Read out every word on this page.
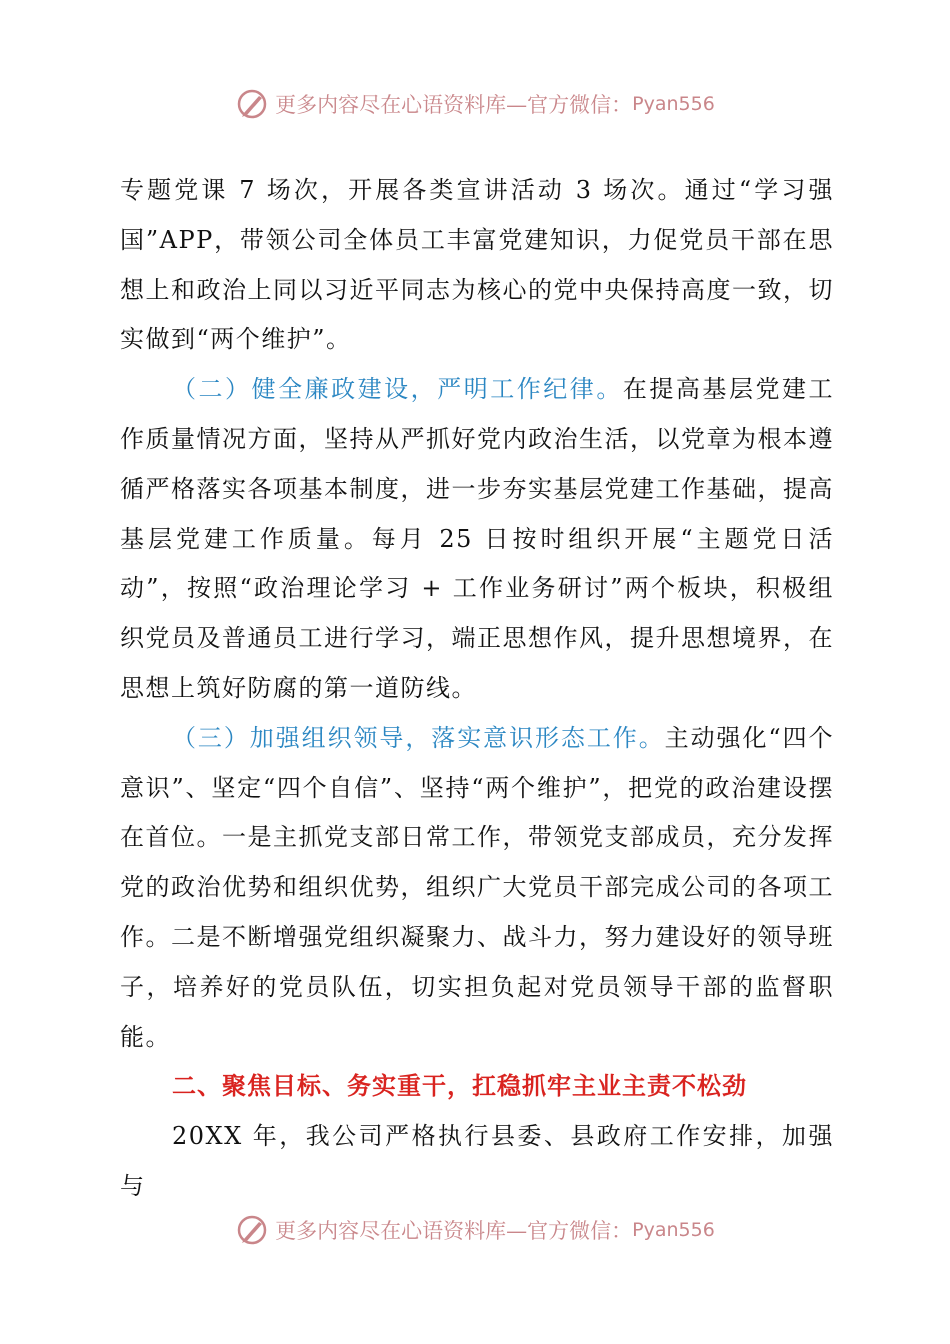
更多内容尽在心语资料库—官方微信： Pyan556

专题党课 7 场次，开展各类宣讲活动 3 场次。通过“学习强国”APP，带领公司全体员工丰富党建知识，力促党员干部在思想上和政治上同以习近平同志为核心的党中央保持高度一致，切实做到“两个维护”。

（二）健全廉政建设，严明工作纪律。在提高基层党建工作质量情况方面，坚持从严抓好党内政治生活，以党章为根本遵循严格落实各项基本制度，进一步夯实基层党建工作基础，提高基层党建工作质量。每月 25 日按时组织开展“主题党日活动”，按照“政治理论学习 + 工作业务研讨”两个板块，积极组织党员及普通员工进行学习，端正思想作风，提升思想境界，在思想上筑好防腐的第一道防线。

（三）加强组织领导，落实意识形态工作。主动强化“四个意识”、坚定“四个自信”、坚持“两个维护”，把党的政治建设摆在首位。一是主抓党支部日常工作，带领党支部成员，充分发挥党的政治优势和组织优势，组织广大党员干部完成公司的各项工作。二是不断增强党组织凝聚力、战斗力，努力建设好的领导班子，培养好的党员队伍，切实担负起对党员领导干部的监督职能。

二、聚焦目标、务实重干，扛稳抓牢主业主责不松劲

20XX 年，我公司严格执行县委、县政府工作安排，加强与

更多内容尽在心语资料库—官方微信： Pyan556
